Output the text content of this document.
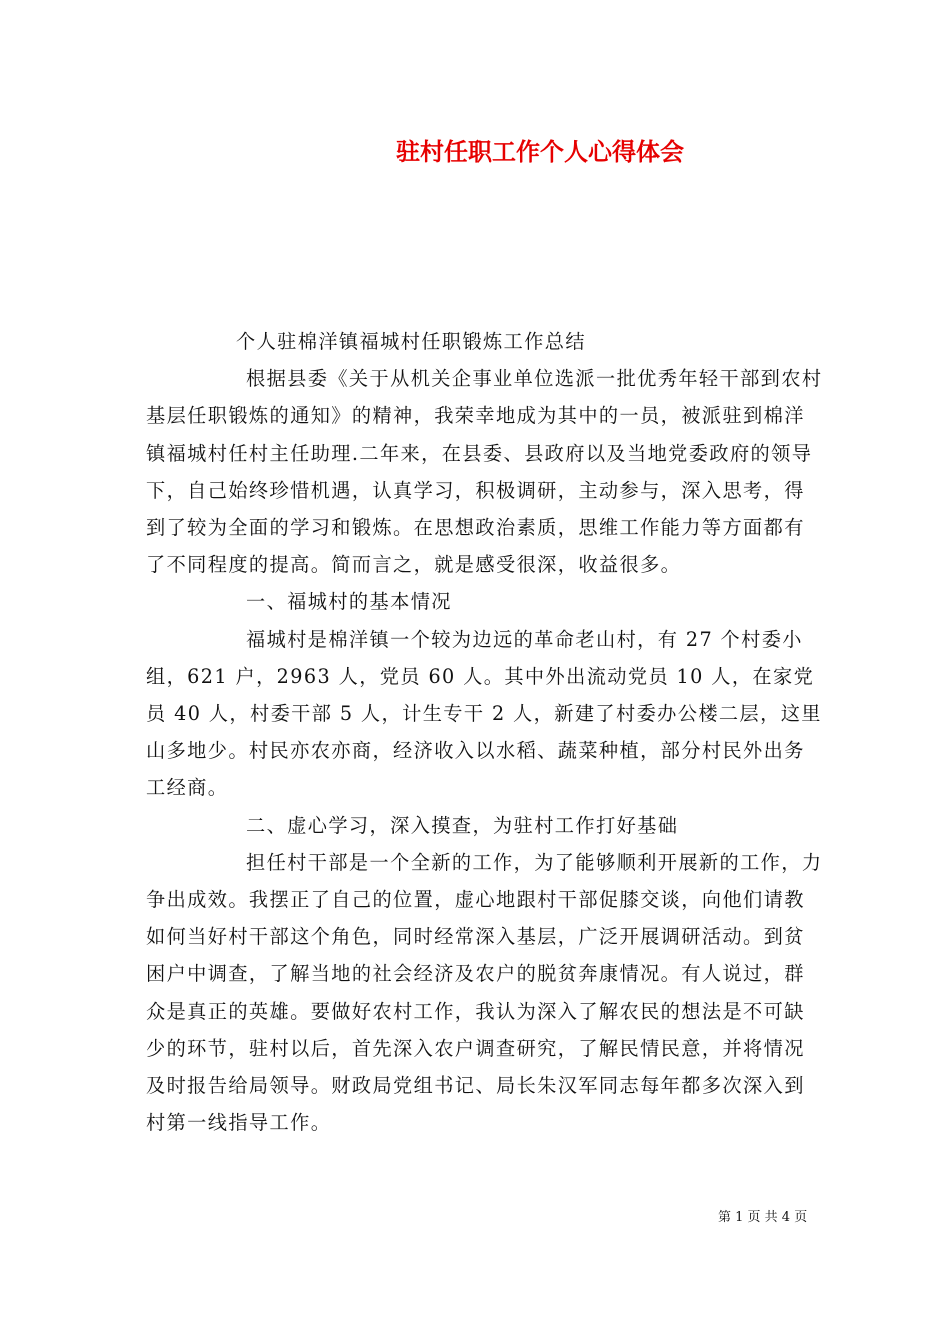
驻村任职工作个人心得体会

个人驻棉洋镇福城村任职锻炼工作总结

根据县委《关于从机关企事业单位选派一批优秀年轻干部到农村基层任职锻炼的通知》的精神，我荣幸地成为其中的一员，被派驻到棉洋镇福城村任村主任助理.二年来，在县委、县政府以及当地党委政府的领导下，自己始终珍惜机遇，认真学习，积极调研，主动参与，深入思考，得到了较为全面的学习和锻炼。在思想政治素质，思维工作能力等方面都有了不同程度的提高。简而言之，就是感受很深，收益很多。

一、福城村的基本情况

福城村是棉洋镇一个较为边远的革命老山村，有 27 个村委小组，621 户，2963 人，党员 60 人。其中外出流动党员 10 人，在家党员 40 人，村委干部 5 人，计生专干 2 人，新建了村委办公楼二层，这里山多地少。村民亦农亦商，经济收入以水稻、蔬菜种植，部分村民外出务工经商。

二、虚心学习，深入摸查，为驻村工作打好基础

担任村干部是一个全新的工作，为了能够顺利开展新的工作，力争出成效。我摆正了自己的位置，虚心地跟村干部促膝交谈，向他们请教如何当好村干部这个角色，同时经常深入基层，广泛开展调研活动。到贫困户中调查，了解当地的社会经济及农户的脱贫奔康情况。有人说过，群众是真正的英雄。要做好农村工作，我认为深入了解农民的想法是不可缺少的环节，驻村以后，首先深入农户调查研究，了解民情民意，并将情况及时报告给局领导。财政局党组书记、局长朱汉军同志每年都多次深入到村第一线指导工作。

第 1 页 共 4 页
